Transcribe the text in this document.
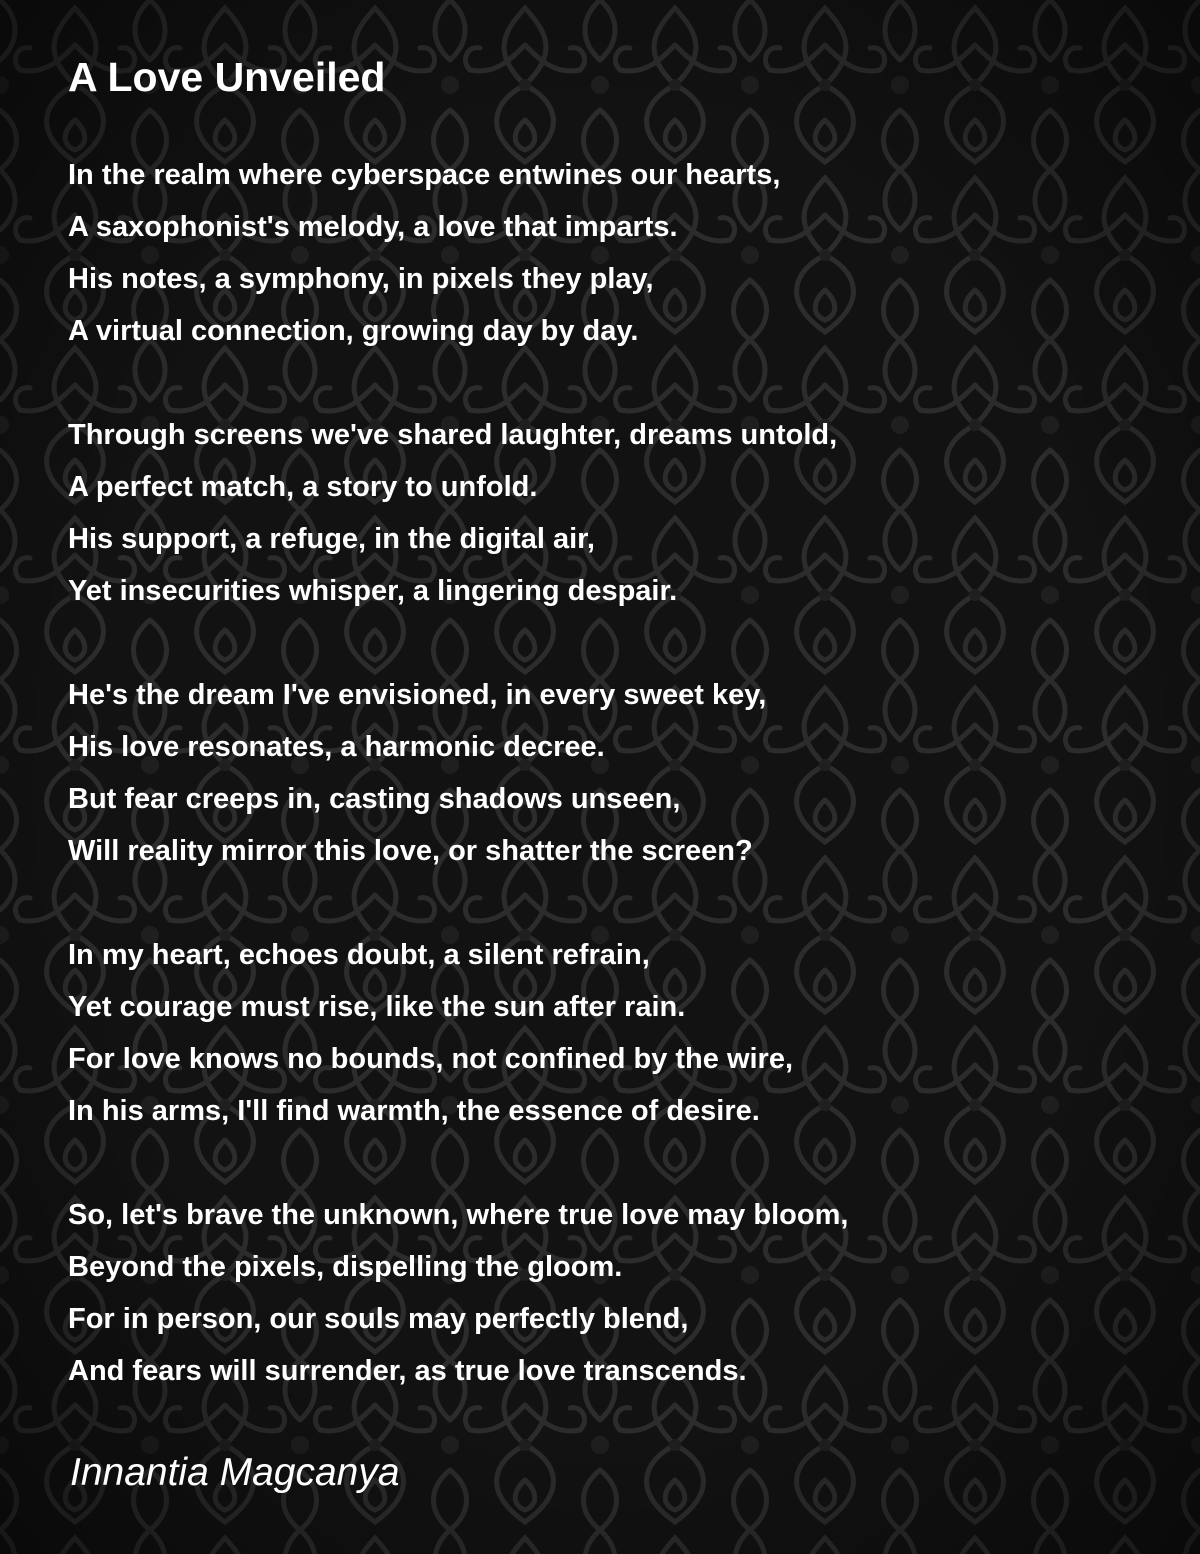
A Love Unveiled
In the realm where cyberspace entwines our hearts,
A saxophonist's melody, a love that imparts.
His notes, a symphony, in pixels they play,
A virtual connection, growing day by day.
Through screens we've shared laughter, dreams untold,
A perfect match, a story to unfold.
His support, a refuge, in the digital air,
Yet insecurities whisper, a lingering despair.
He's the dream I've envisioned, in every sweet key,
His love resonates, a harmonic decree.
But fear creeps in, casting shadows unseen,
Will reality mirror this love, or shatter the screen?
In my heart, echoes doubt, a silent refrain,
Yet courage must rise, like the sun after rain.
For love knows no bounds, not confined by the wire,
In his arms, I'll find warmth, the essence of desire.
So, let's brave the unknown, where true love may bloom,
Beyond the pixels, dispelling the gloom.
For in person, our souls may perfectly blend,
And fears will surrender, as true love transcends.
Innantia Magcanya
